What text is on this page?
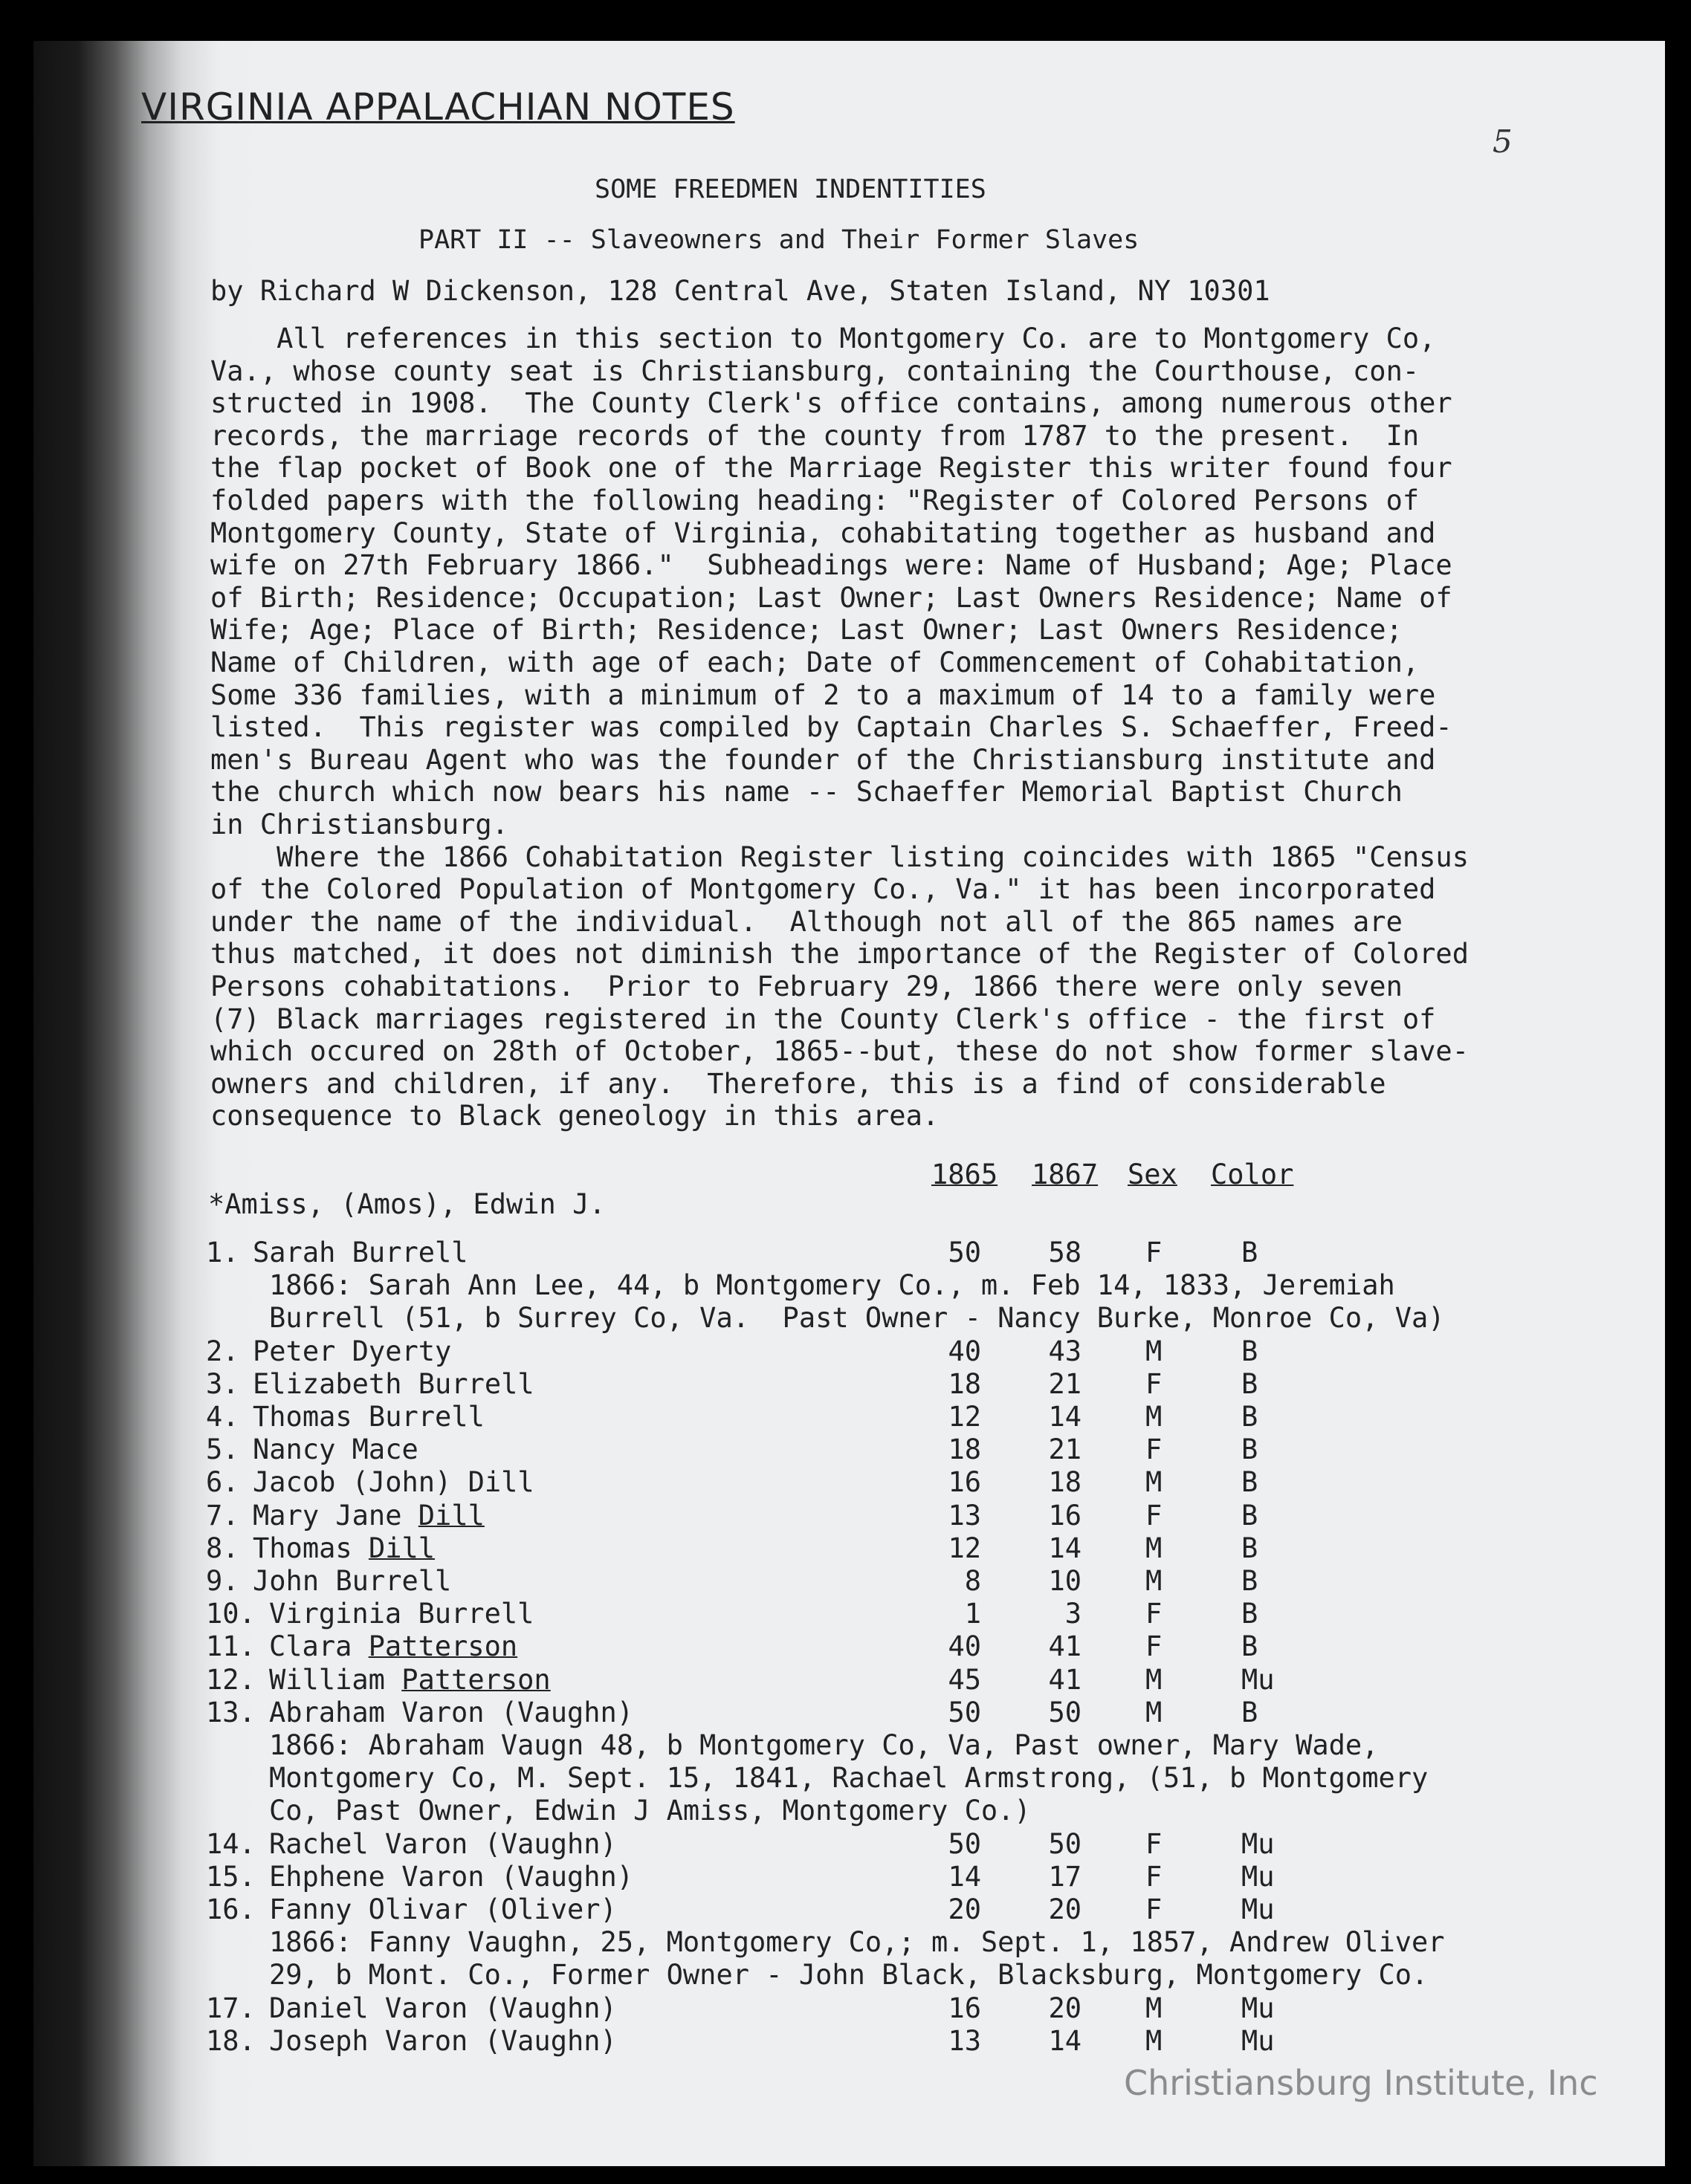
VIRGINIA APPALACHIAN NOTES
5
SOME FREEDMEN INDENTITIES
PART II -- Slaveowners and Their Former Slaves
by Richard W Dickenson, 128 Central Ave, Staten Island, NY 10301
All references in this section to Montgomery Co. are to Montgomery Co,
Va., whose county seat is Christiansburg, containing the Courthouse, con-
structed in 1908.  The County Clerk's office contains, among numerous other
records, the marriage records of the county from 1787 to the present.  In
the flap pocket of Book one of the Marriage Register this writer found four
folded papers with the following heading: "Register of Colored Persons of
Montgomery County, State of Virginia, cohabitating together as husband and
wife on 27th February 1866."  Subheadings were: Name of Husband; Age; Place
of Birth; Residence; Occupation; Last Owner; Last Owners Residence; Name of
Wife; Age; Place of Birth; Residence; Last Owner; Last Owners Residence;
Name of Children, with age of each; Date of Commencement of Cohabitation,
Some 336 families, with a minimum of 2 to a maximum of 14 to a family were
listed.  This register was compiled by Captain Charles S. Schaeffer, Freed-
men's Bureau Agent who was the founder of the Christiansburg institute and
the church which now bears his name -- Schaeffer Memorial Baptist Church
in Christiansburg.
Where the 1866 Cohabitation Register listing coincides with 1865 "Census
of the Colored Population of Montgomery Co., Va." it has been incorporated
under the name of the individual.  Although not all of the 865 names are
thus matched, it does not diminish the importance of the Register of Colored
Persons cohabitations.  Prior to February 29, 1866 there were only seven
(7) Black marriages registered in the County Clerk's office - the first of
which occured on 28th of October, 1865--but, these do not show former slave-
owners and children, if any.  Therefore, this is a find of considerable
consequence to Black geneology in this area.
1865 1867 Sex Color
*Amiss, (Amos), Edwin J.
1. Sarah Burrell	50	58 F	B
1866: Sarah Ann Lee, 44, b Montgomery Co., m. Feb 14, 1833, Jeremiah
Burrell (51, b Surrey Co, Va.  Past Owner - Nancy Burke, Monroe Co, Va)
2. Peter Dyerty	40	43 M	B
3. Elizabeth Burrell	18	21 F	B
4. Thomas Burrell	12	14 M	B
5. Nancy Mace	18	21 F	B
6. Jacob (John) Dill	16	18 M	B
7. Mary Jane Dill	13	16 F	B
8. Thomas Dill	12	14 M	B
9. John Burrell	8	10 M	B
10. Virginia Burrell	1	3 F	B
11. Clara Patterson	40	41 F	B
12. William Patterson	45	41 M	Mu
13. Abraham Varon (Vaughn)	50	50 M	B
1866: Abraham Vaugn 48, b Montgomery Co, Va, Past owner, Mary Wade,
Montgomery Co, M. Sept. 15, 1841, Rachael Armstrong, (51, b Montgomery
Co, Past Owner, Edwin J Amiss, Montgomery Co.)
14. Rachel Varon (Vaughn)	50	50 F	Mu
15. Ehphene Varon (Vaughn)	14	17 F	Mu
16. Fanny Olivar (Oliver)	20	20 F	Mu
1866: Fanny Vaughn, 25, Montgomery Co,; m. Sept. 1, 1857, Andrew Oliver
29, b Mont. Co., Former Owner - John Black, Blacksburg, Montgomery Co.
17. Daniel Varon (Vaughn)	16	20 M	Mu
18. Joseph Varon (Vaughn)	13	14 M	Mu
Christiansburg Institute, Inc
